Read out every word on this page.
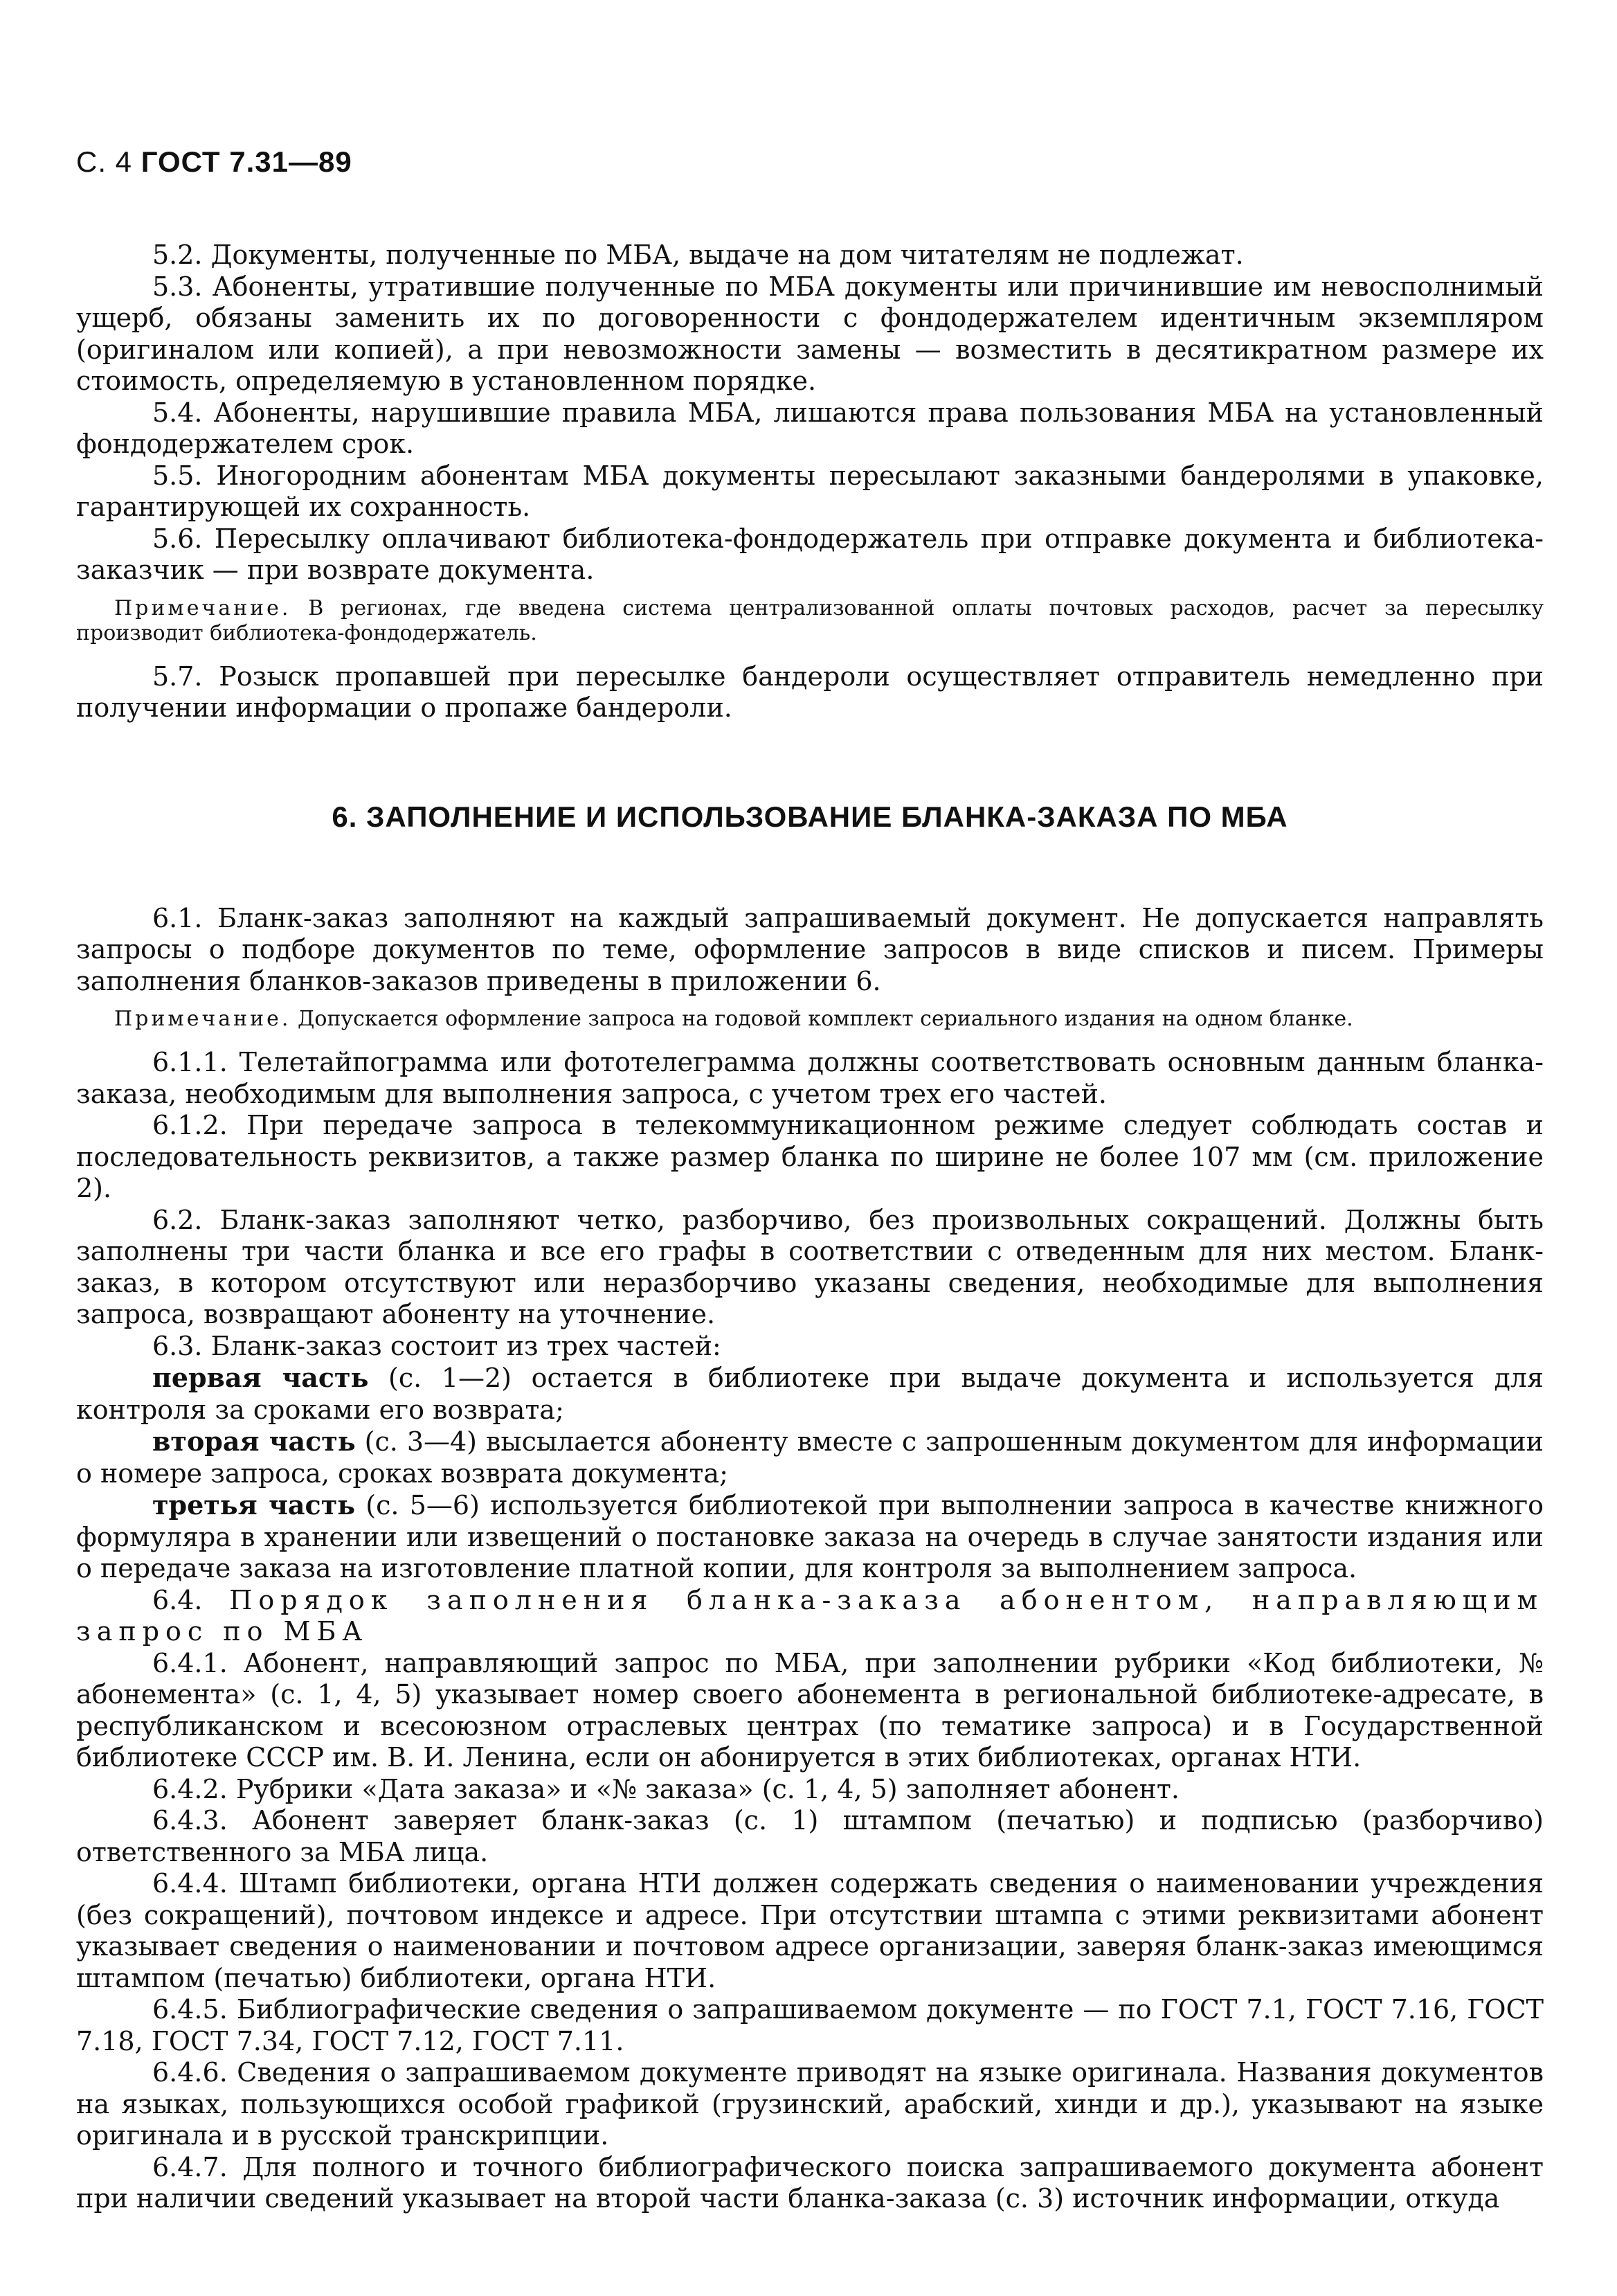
С. 4 ГОСТ 7.31—89

5.2. Документы, полученные по МБА, выдаче на дом читателям не подлежат.

5.3. Абоненты, утратившие полученные по МБА документы или причинившие им невосполнимый ущерб, обязаны заменить их по договоренности с фондодержателем идентичным экземпляром (оригиналом или копией), а при невозможности замены — возместить в десятикратном размере их стоимость, определяемую в установленном порядке.

5.4. Абоненты, нарушившие правила МБА, лишаются права пользования МБА на установленный фондодержателем срок.

5.5. Иногородним абонентам МБА документы пересылают заказными бандеролями в упаковке, гарантирующей их сохранность.

5.6. Пересылку оплачивают библиотека-фондодержатель при отправке документа и библиотека-заказчик — при возврате документа.

Примечание. В регионах, где введена система централизованной оплаты почтовых расходов, расчет за пересылку производит библиотека-фондодержатель.

5.7. Розыск пропавшей при пересылке бандероли осуществляет отправитель немедленно при получении информации о пропаже бандероли.

6. ЗАПОЛНЕНИЕ И ИСПОЛЬЗОВАНИЕ БЛАНКА-ЗАКАЗА ПО МБА

6.1. Бланк-заказ заполняют на каждый запрашиваемый документ. Не допускается направлять запросы о подборе документов по теме, оформление запросов в виде списков и писем. Примеры заполнения бланков-заказов приведены в приложении 6.

Примечание. Допускается оформление запроса на годовой комплект сериального издания на одном бланке.

6.1.1. Телетайпограмма или фототелеграмма должны соответствовать основным данным бланка-заказа, необходимым для выполнения запроса, с учетом трех его частей.

6.1.2. При передаче запроса в телекоммуникационном режиме следует соблюдать состав и последовательность реквизитов, а также размер бланка по ширине не более 107 мм (см. приложение 2).

6.2. Бланк-заказ заполняют четко, разборчиво, без произвольных сокращений. Должны быть заполнены три части бланка и все его графы в соответствии с отведенным для них местом. Бланк-заказ, в котором отсутствуют или неразборчиво указаны сведения, необходимые для выполнения запроса, возвращают абоненту на уточнение.

6.3. Бланк-заказ состоит из трех частей:

первая часть (с. 1—2) остается в библиотеке при выдаче документа и используется для контроля за сроками его возврата;

вторая часть (с. 3—4) высылается абоненту вместе с запрошенным документом для информации о номере запроса, сроках возврата документа;

третья часть (с. 5—6) используется библиотекой при выполнении запроса в качестве книжного формуляра в хранении или извещений о постановке заказа на очередь в случае занятости издания или о передаче заказа на изготовление платной копии, для контроля за выполнением запроса.

6.4. Порядок заполнения бланка-заказа абонентом, направляющим запрос по МБА

6.4.1. Абонент, направляющий запрос по МБА, при заполнении рубрики «Код библиотеки, № абонемента» (с. 1, 4, 5) указывает номер своего абонемента в региональной библиотеке-адресате, в республиканском и всесоюзном отраслевых центрах (по тематике запроса) и в Государственной библиотеке СССР им. В. И. Ленина, если он абонируется в этих библиотеках, органах НТИ.

6.4.2. Рубрики «Дата заказа» и «№ заказа» (с. 1, 4, 5) заполняет абонент.

6.4.3. Абонент заверяет бланк-заказ (с. 1) штампом (печатью) и подписью (разборчиво) ответственного за МБА лица.

6.4.4. Штамп библиотеки, органа НТИ должен содержать сведения о наименовании учреждения (без сокращений), почтовом индексе и адресе. При отсутствии штампа с этими реквизитами абонент указывает сведения о наименовании и почтовом адресе организации, заверяя бланк-заказ имеющимся штампом (печатью) библиотеки, органа НТИ.

6.4.5. Библиографические сведения о запрашиваемом документе — по ГОСТ 7.1, ГОСТ 7.16, ГОСТ 7.18, ГОСТ 7.34, ГОСТ 7.12, ГОСТ 7.11.

6.4.6. Сведения о запрашиваемом документе приводят на языке оригинала. Названия документов на языках, пользующихся особой графикой (грузинский, арабский, хинди и др.), указывают на языке оригинала и в русской транскрипции.

6.4.7. Для полного и точного библиографического поиска запрашиваемого документа абонент при наличии сведений указывает на второй части бланка-заказа (с. 3) источник информации, откуда
